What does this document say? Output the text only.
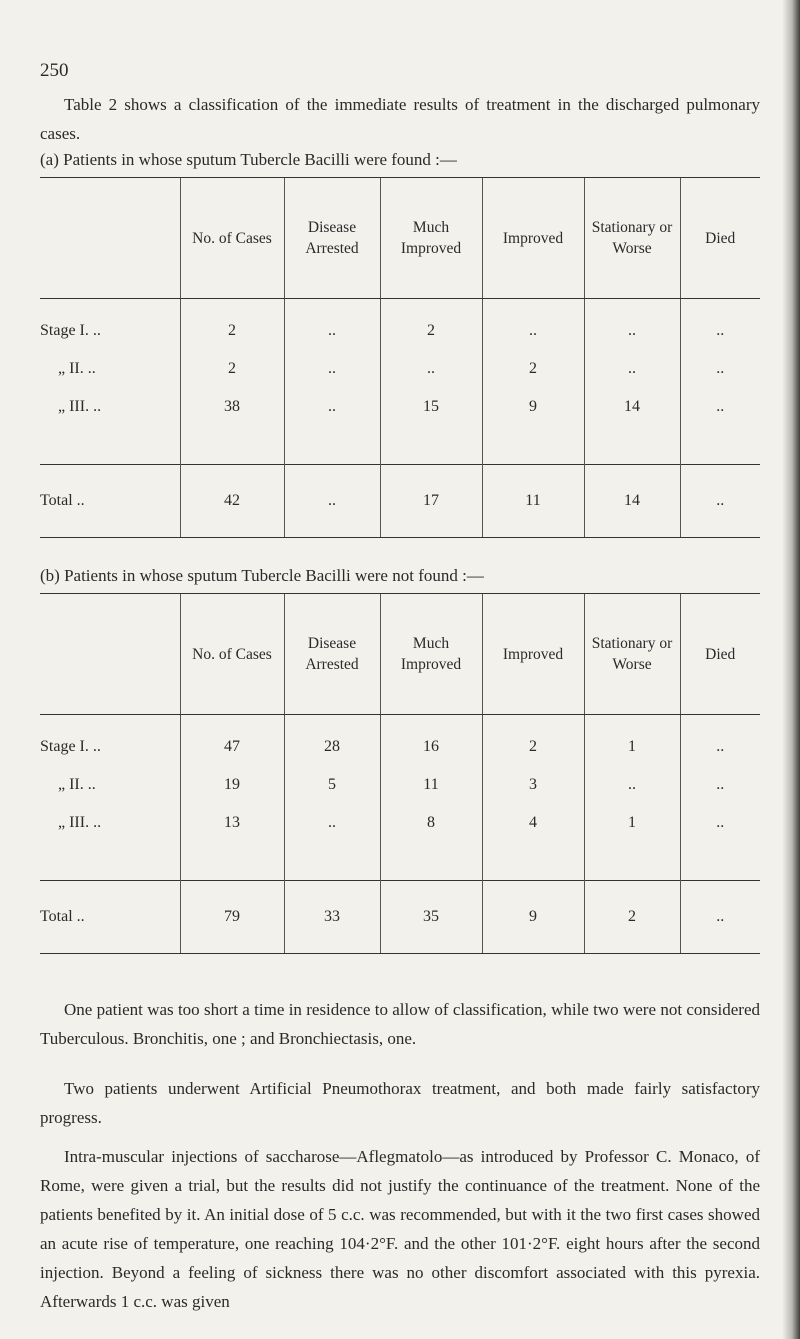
250
Table 2 shows a classification of the immediate results of treatment in the discharged pulmonary cases.
(a) Patients in whose sputum Tubercle Bacilli were found :—
	No. of Cases	Disease Arrested	Much Improved	Improved	Stationary or Worse	Died
Stage I. ..	2	..	2	..	..	..
„ II. ..	2	..	..	2	..	..
„ III. ..	38	..	15	9	14	..

Total ..	42	..	17	11	14	..
(b) Patients in whose sputum Tubercle Bacilli were not found :—
	No. of Cases	Disease Arrested	Much Improved	Improved	Stationary or Worse	Died
Stage I. ..	47	28	16	2	1	..
„ II. ..	19	5	11	3	..	..
„ III. ..	13	..	8	4	1	..

Total ..	79	33	35	9	2	..
One patient was too short a time in residence to allow of classification, while two were not considered Tuberculous. Bronchitis, one ; and Bronchiectasis, one.
Two patients underwent Artificial Pneumothorax treatment, and both made fairly satisfactory progress.
Intra-muscular injections of saccharose—Aflegmatolo—as introduced by Professor C. Monaco, of Rome, were given a trial, but the results did not justify the continuance of the treatment. None of the patients benefited by it. An initial dose of 5 c.c. was recommended, but with it the two first cases showed an acute rise of temperature, one reaching 104·2°F. and the other 101·2°F. eight hours after the second injection. Beyond a feeling of sickness there was no other discomfort associated with this pyrexia. Afterwards 1 c.c. was given
